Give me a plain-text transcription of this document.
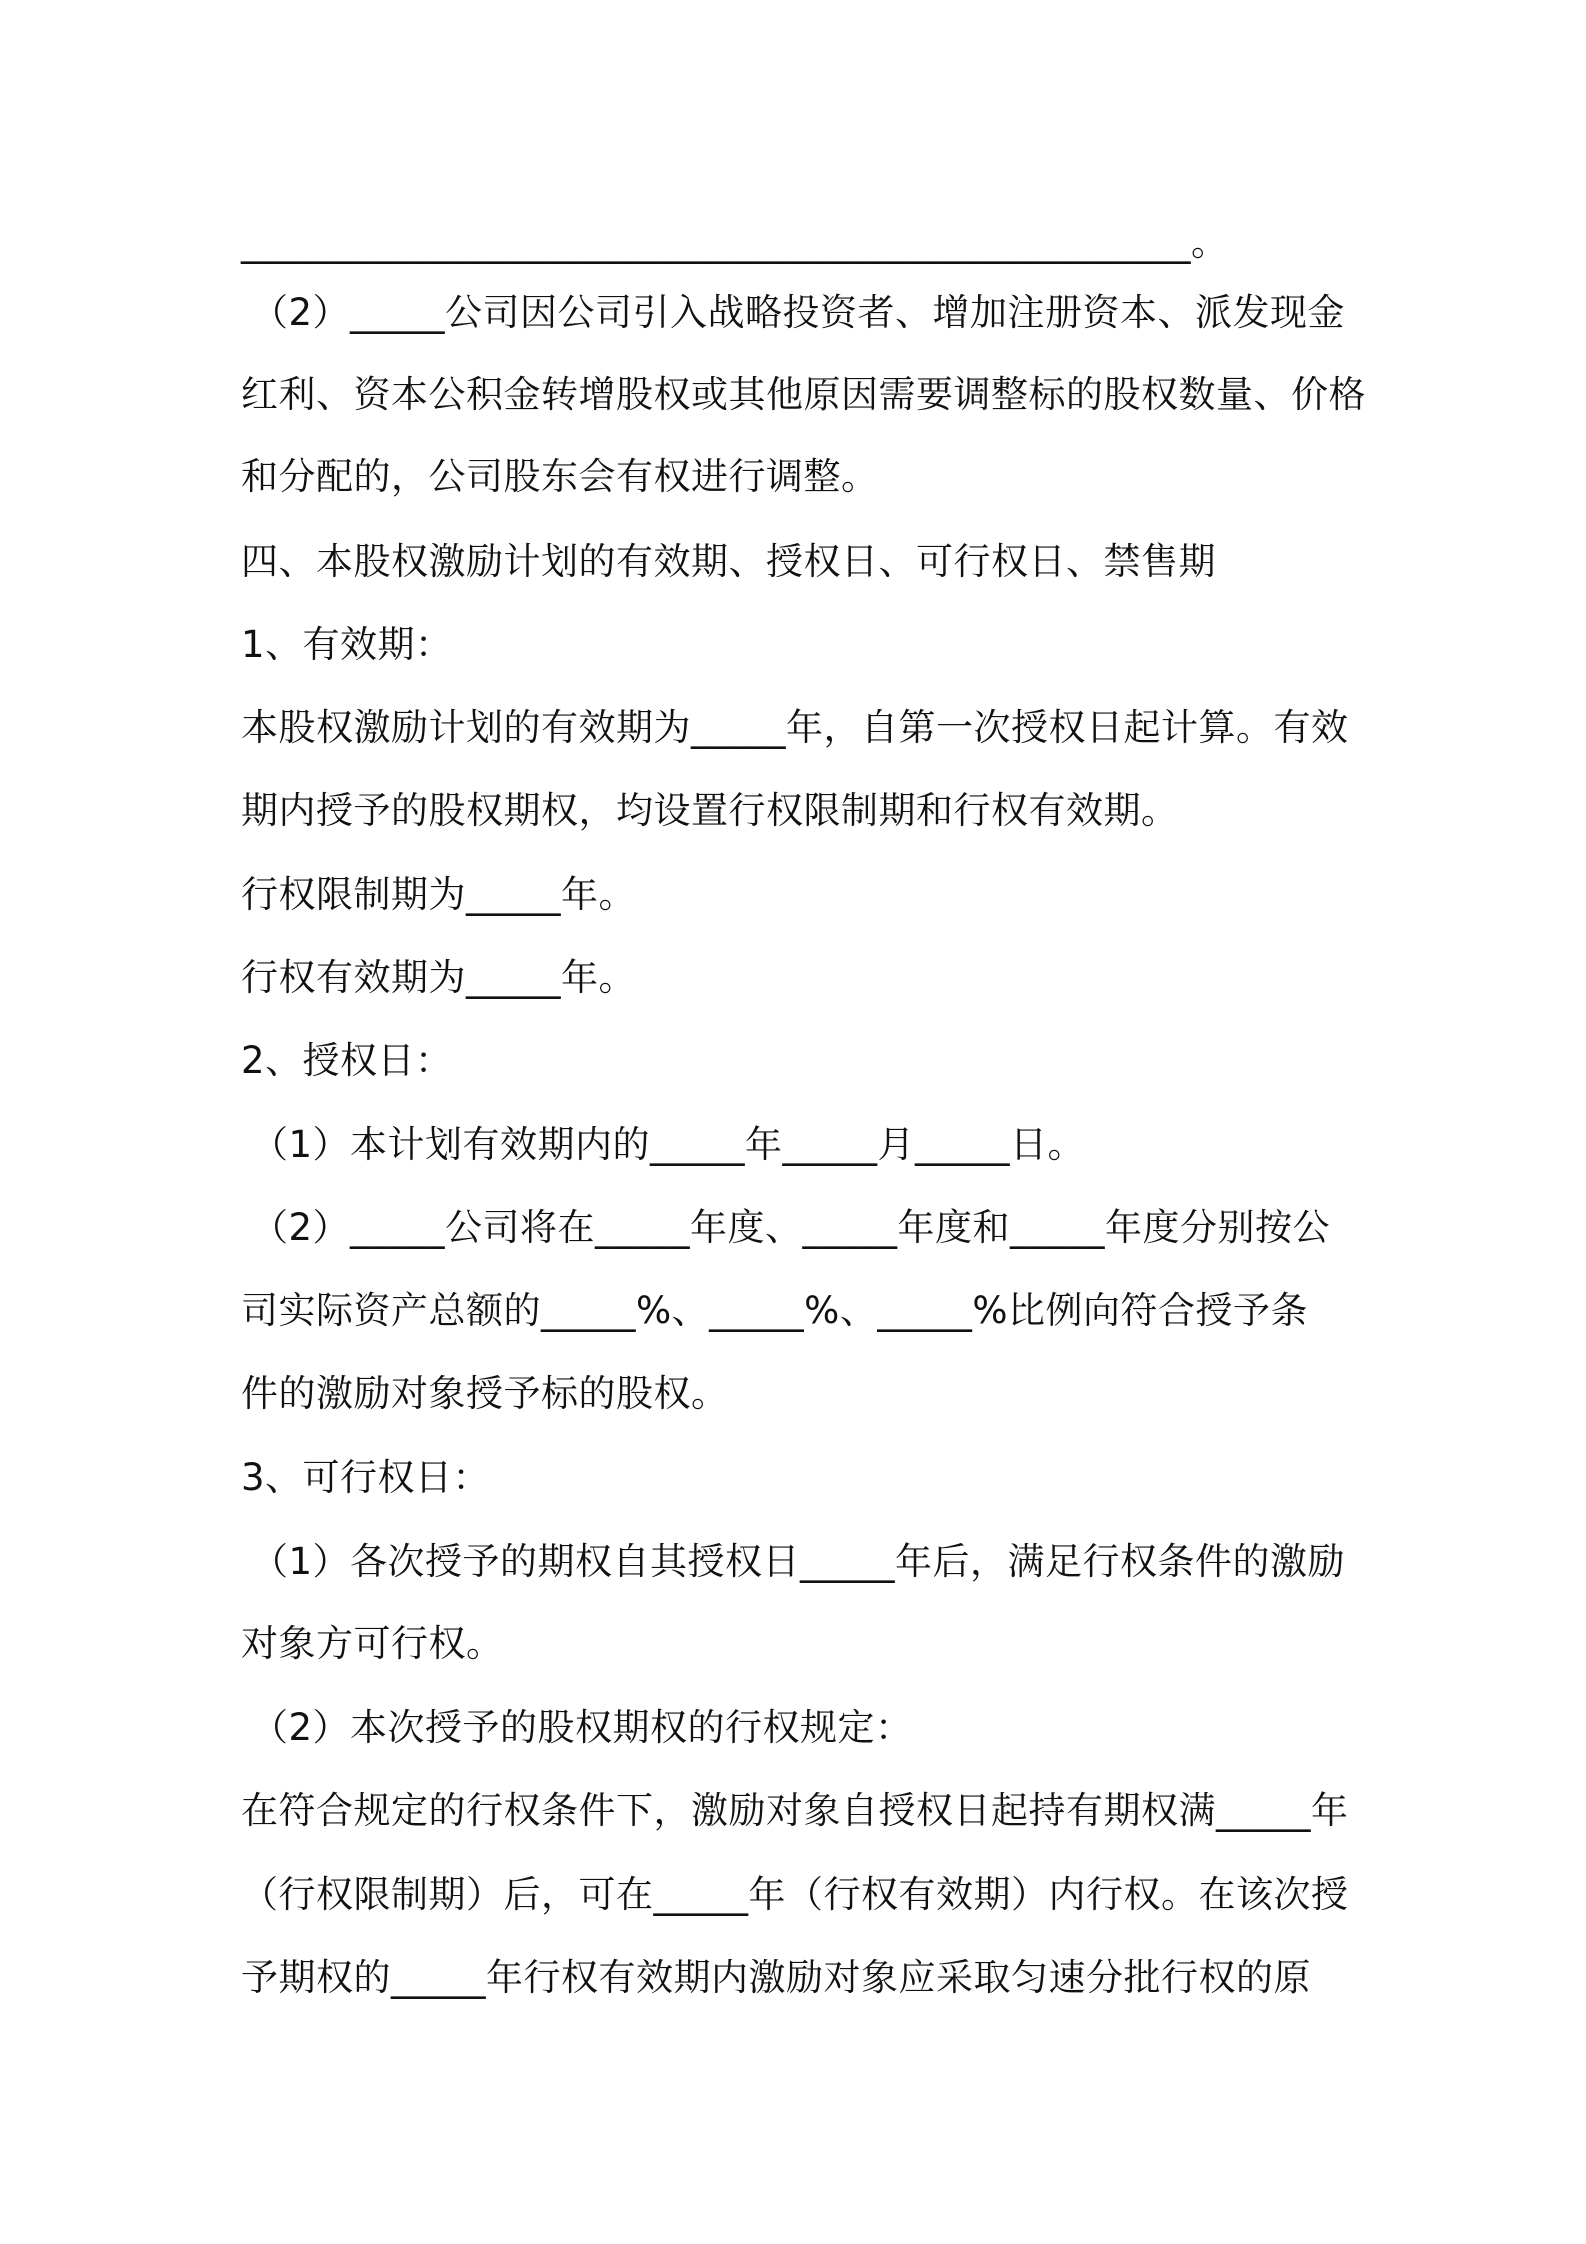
__________________________________________________。
（2）_____公司因公司引入战略投资者、增加注册资本、派发现金
红利、资本公积金转增股权或其他原因需要调整标的股权数量、价格
和分配的，公司股东会有权进行调整。
四、本股权激励计划的有效期、授权日、可行权日、禁售期
1、有效期：
本股权激励计划的有效期为_____年，自第一次授权日起计算。有效
期内授予的股权期权，均设置行权限制期和行权有效期。
行权限制期为_____年。
行权有效期为_____年。
2、授权日：
（1）本计划有效期内的_____年_____月_____日。
（2）_____公司将在_____年度、_____年度和_____年度分别按公
司实际资产总额的_____%、_____%、_____%比例向符合授予条
件的激励对象授予标的股权。
3、可行权日：
（1）各次授予的期权自其授权日_____年后，满足行权条件的激励
对象方可行权。
（2）本次授予的股权期权的行权规定：
在符合规定的行权条件下，激励对象自授权日起持有期权满_____年
（行权限制期）后，可在_____年（行权有效期）内行权。在该次授
予期权的_____年行权有效期内激励对象应采取匀速分批行权的原
